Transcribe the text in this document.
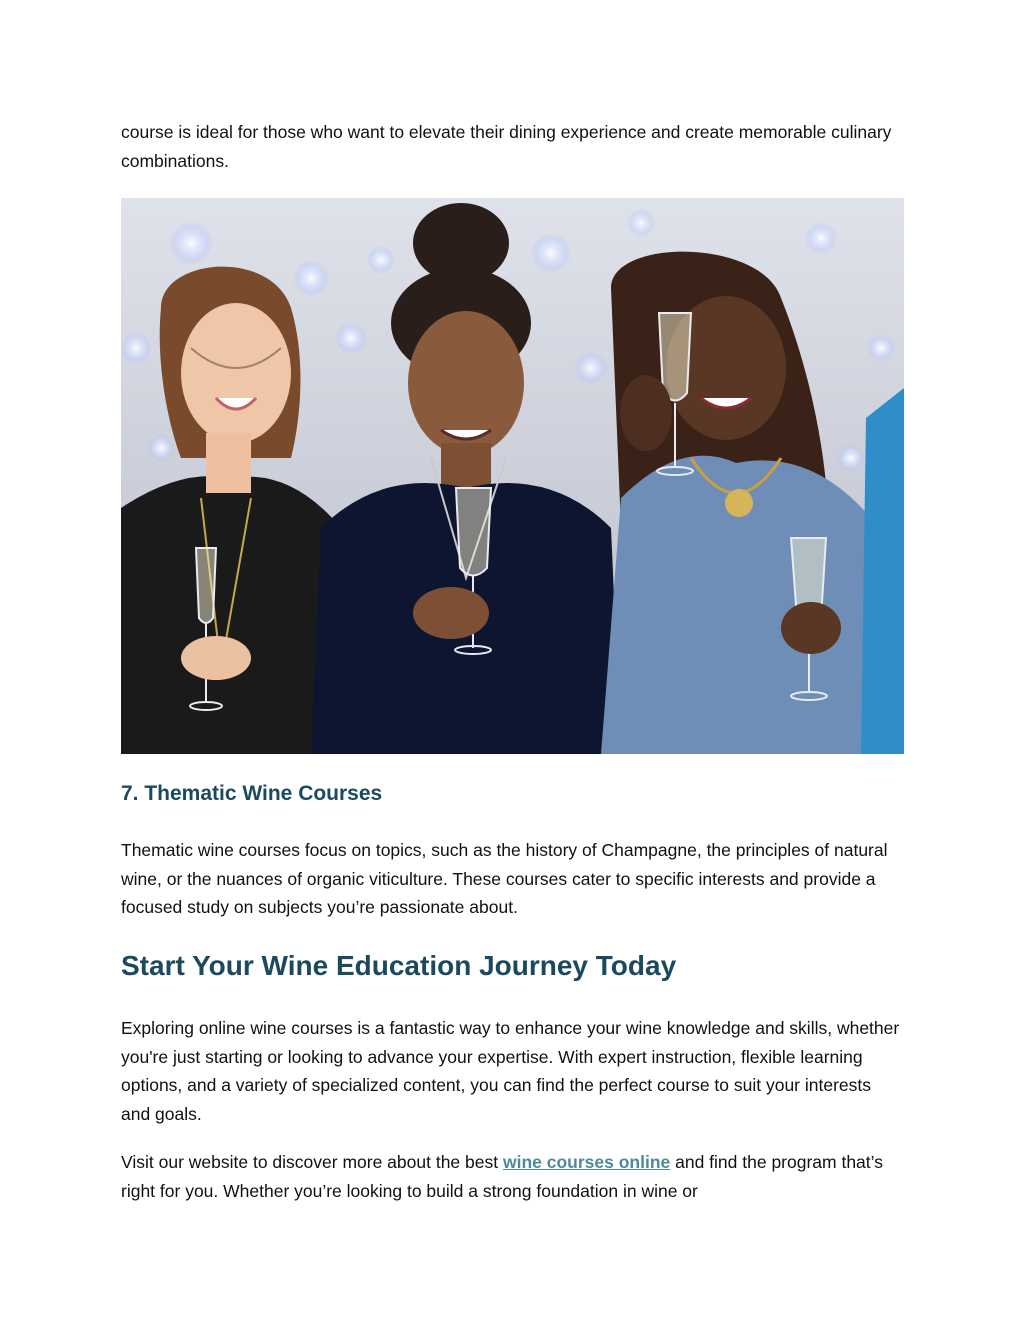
course is ideal for those who want to elevate their dining experience and create memorable culinary combinations.

7. Thematic Wine Courses

Thematic wine courses focus on topics, such as the history of Champagne, the principles of natural wine, or the nuances of organic viticulture. These courses cater to specific interests and provide a focused study on subjects you’re passionate about.

Start Your Wine Education Journey Today

Exploring online wine courses is a fantastic way to enhance your wine knowledge and skills, whether you're just starting or looking to advance your expertise. With expert instruction, flexible learning options, and a variety of specialized content, you can find the perfect course to suit your interests and goals.

Visit our website to discover more about the best wine courses online and find the program that’s right for you. Whether you’re looking to build a strong foundation in wine or
